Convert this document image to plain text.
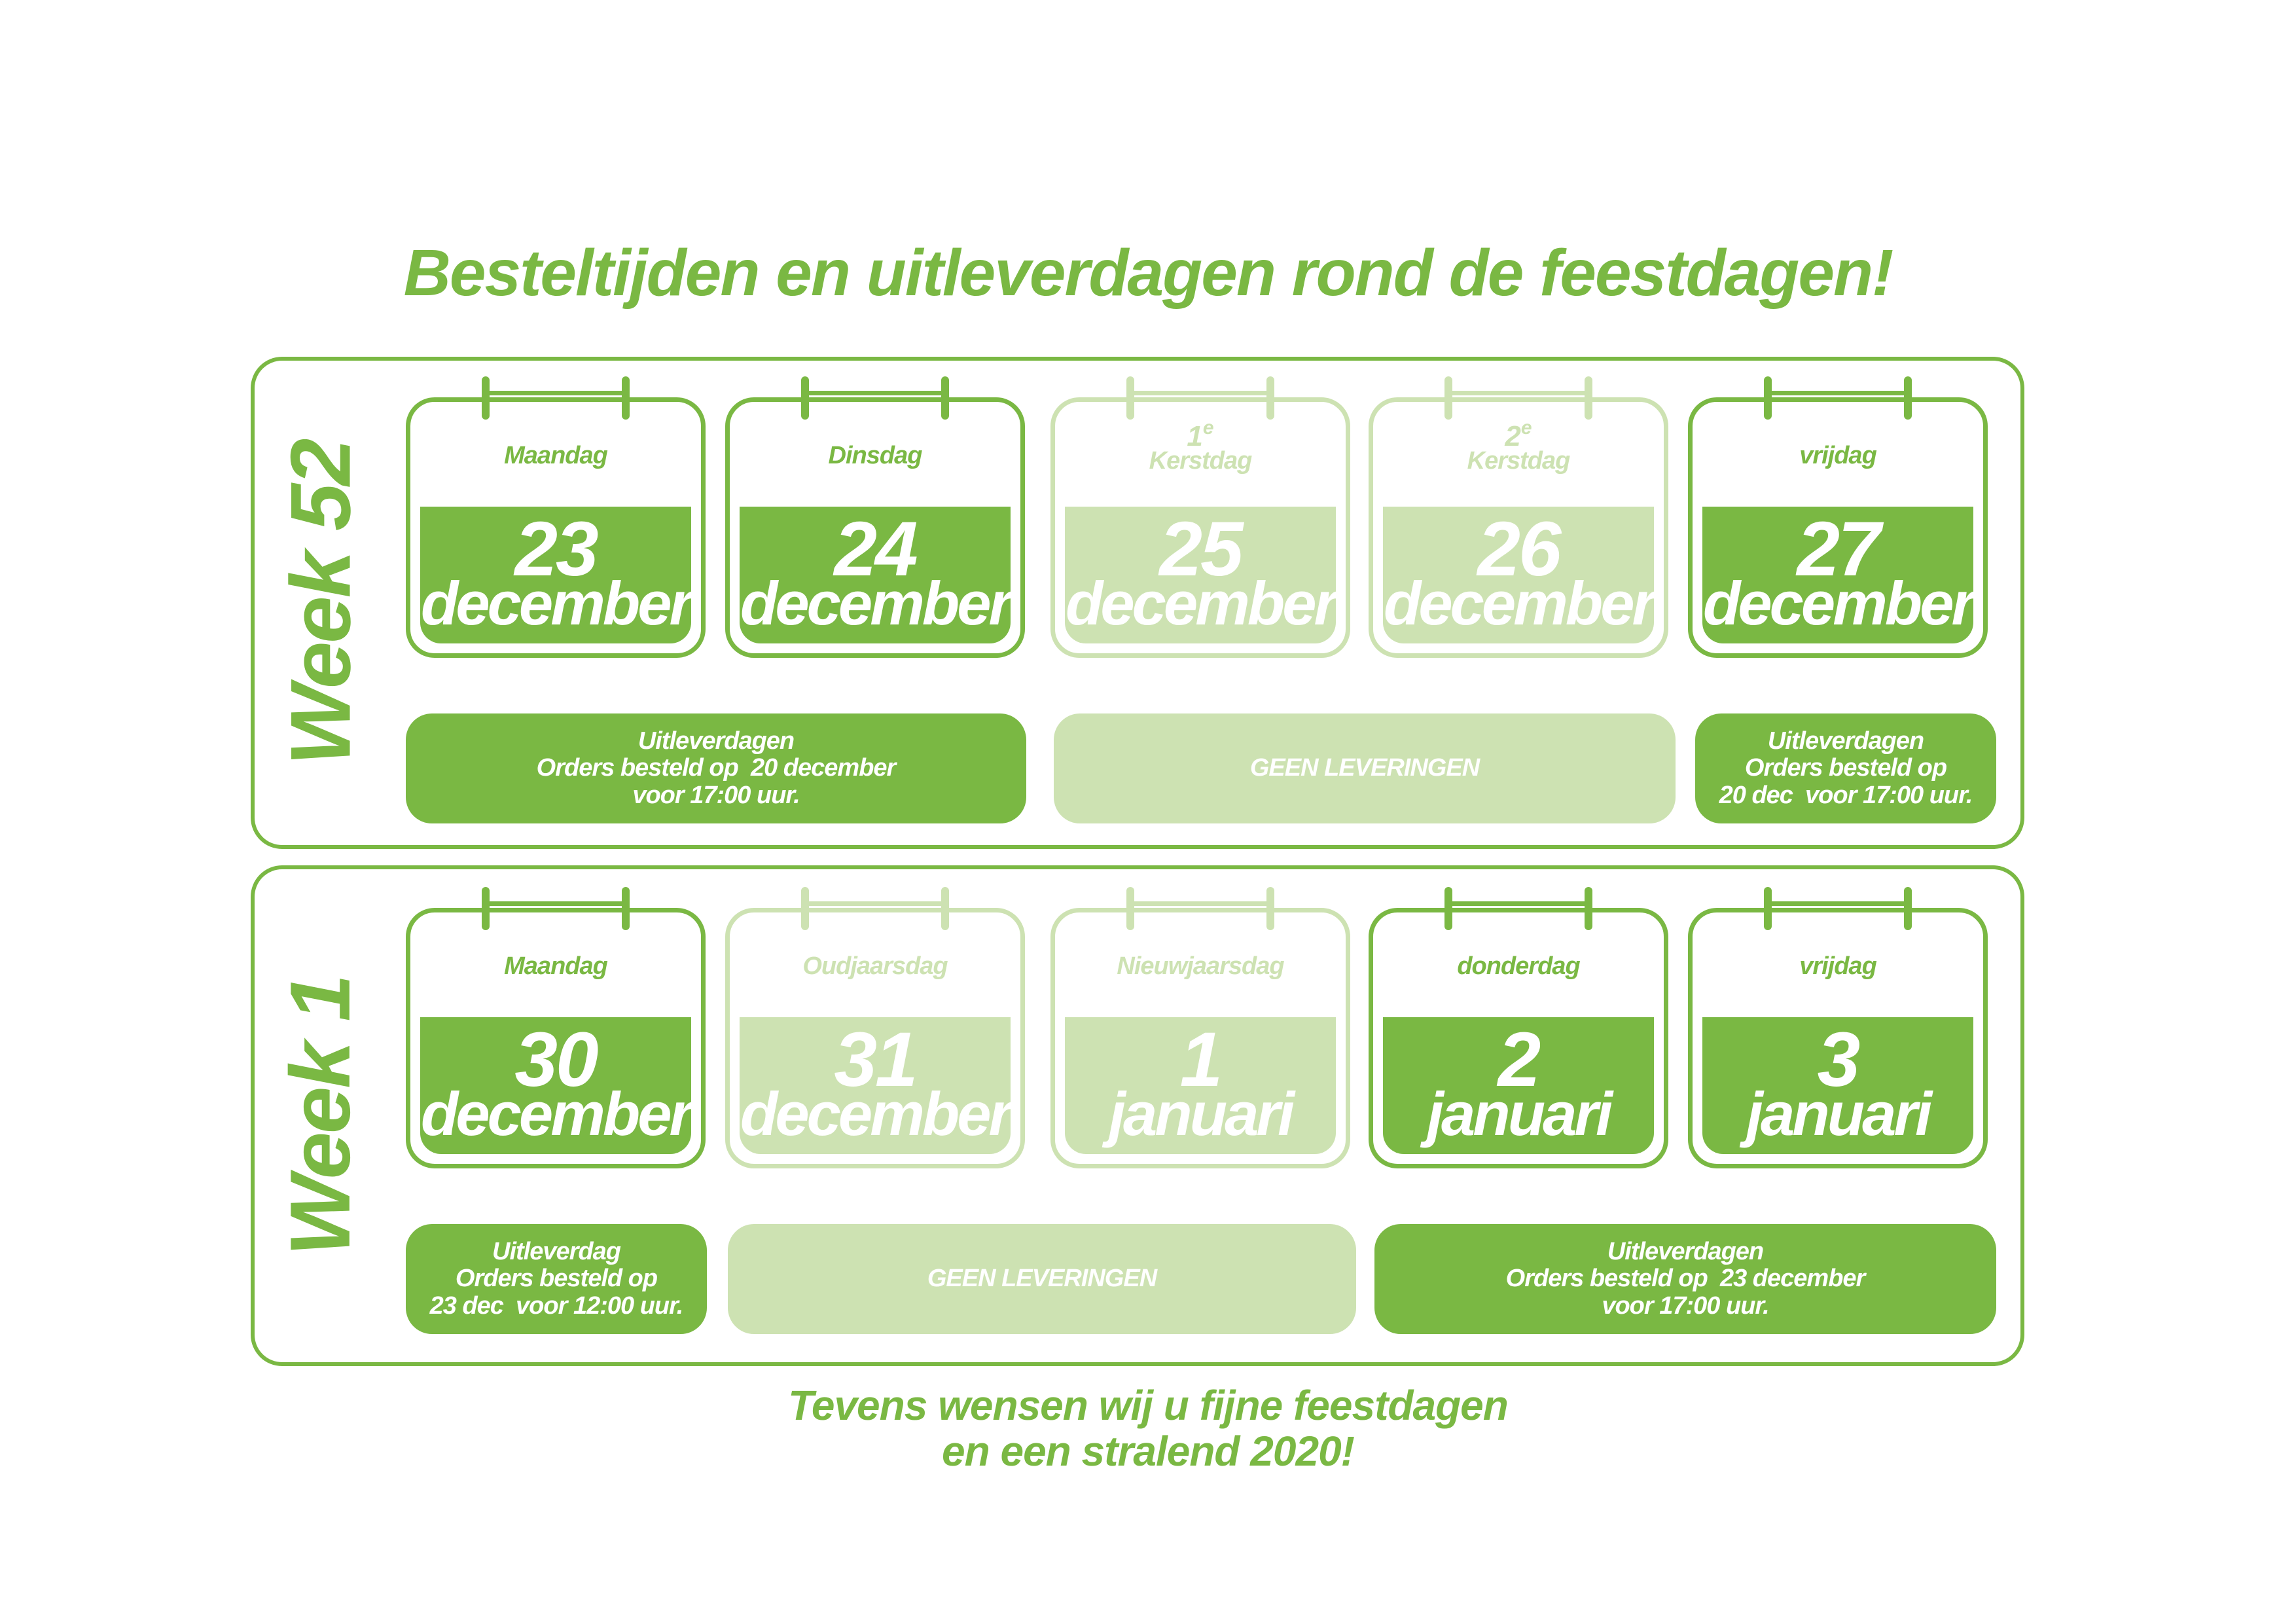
Besteltijden en uitleverdagen rond de feestdagen!
Week 52
Week 1
Maandag
23
december
Dinsdag
24
december
1e
Kerstdag
25
december
2e
Kerstdag
26
december
vrijdag
27
december
Uitleverdagen
Orders besteld op  20 december
voor 17:00 uur.
GEEN LEVERINGEN
Uitleverdagen
Orders besteld op
20 dec  voor 17:00 uur.
Maandag
30
december
Oudjaarsdag
31
december
Nieuwjaarsdag
1
januari
donderdag
2
januari
vrijdag
3
januari
Uitleverdag
Orders besteld op
23 dec  voor 12:00 uur.
GEEN LEVERINGEN
Uitleverdagen
Orders besteld op  23 december
voor 17:00 uur.
Tevens wensen wij u fijne feestdagen
en een stralend 2020!
